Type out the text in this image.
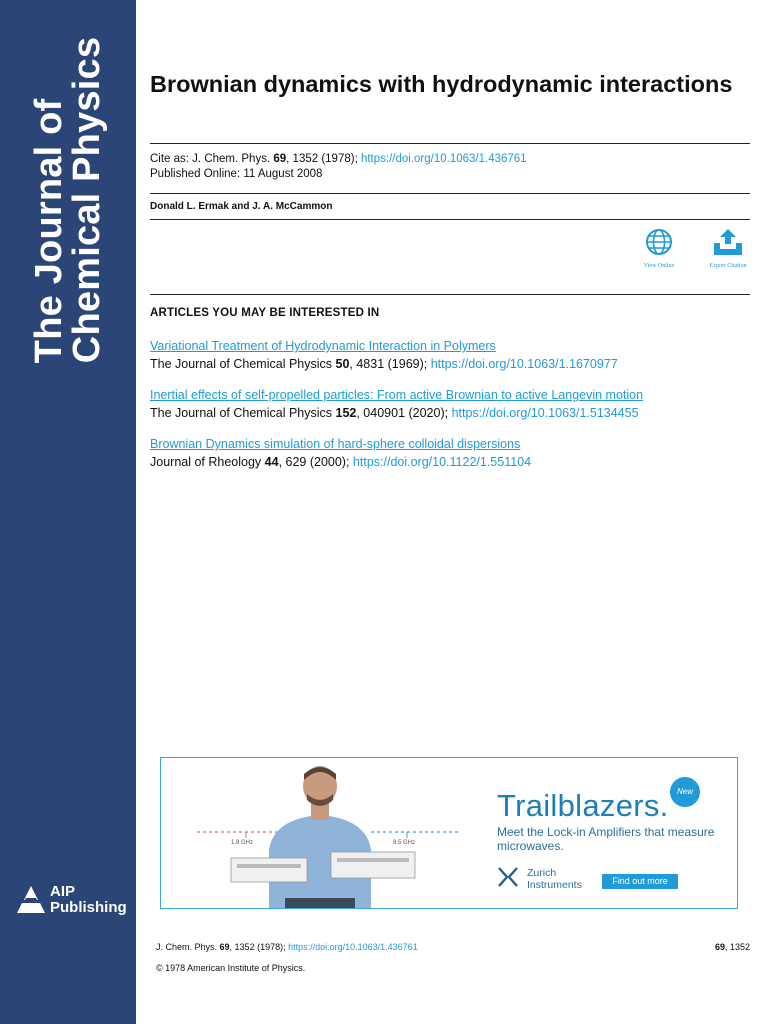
The Journal of
Chemical Physics
AIP
Publishing
Brownian dynamics with hydrodynamic interactions
Cite as: J. Chem. Phys. 69, 1352 (1978); https://doi.org/10.1063/1.436761
Published Online: 11 August 2008
Donald L. Ermak and J. A. McCammon
View Online	Export Citation
ARTICLES YOU MAY BE INTERESTED IN
Variational Treatment of Hydrodynamic Interaction in Polymers
The Journal of Chemical Physics 50, 4831 (1969); https://doi.org/10.1063/1.1670977
Inertial effects of self-propelled particles: From active Brownian to active Langevin motion
The Journal of Chemical Physics 152, 040901 (2020); https://doi.org/10.1063/1.5134455
Brownian Dynamics simulation of hard-sphere colloidal dispersions
Journal of Rheology 44, 629 (2000); https://doi.org/10.1122/1.551104
1.8 GHz	8.5 GHz
Trailblazers.	New
Meet the Lock-in Amplifiers that measure microwaves.
Zurich
Instruments	Find out more
J. Chem. Phys. 69, 1352 (1978); https://doi.org/10.1063/1.436761	69, 1352
© 1978 American Institute of Physics.
